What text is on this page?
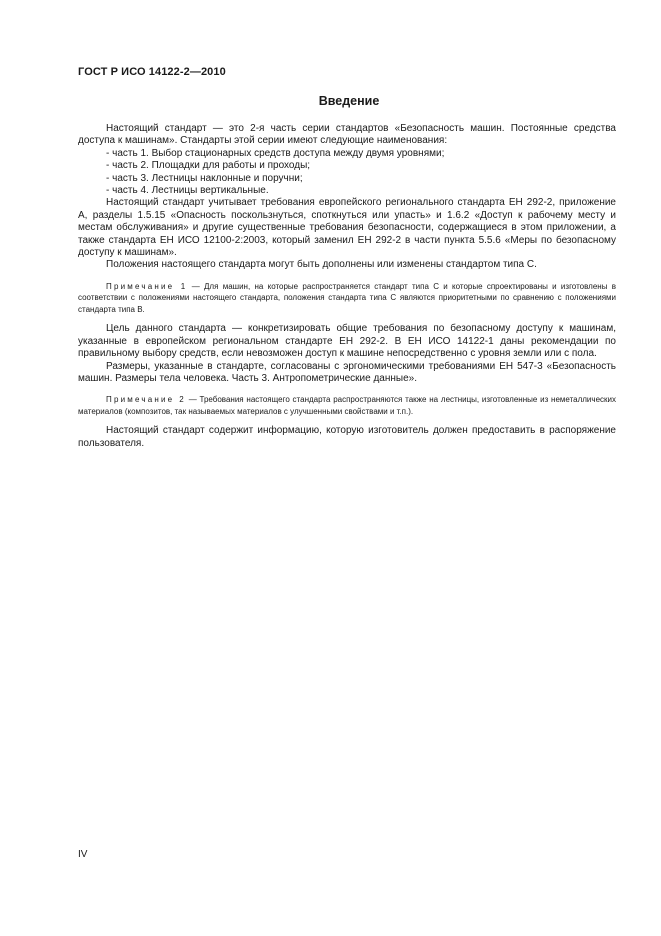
ГОСТ Р ИСО 14122-2—2010
Введение

Настоящий стандарт — это 2-я часть серии стандартов «Безопасность машин. Постоянные средства доступа к машинам». Стандарты этой серии имеют следующие наименования:

- часть 1. Выбор стационарных средств доступа между двумя уровнями;
- часть 2. Площадки для работы и проходы;
- часть 3. Лестницы наклонные и поручни;
- часть 4. Лестницы вертикальные.

Настоящий стандарт учитывает требования европейского регионального стандарта ЕН 292-2, приложение А, разделы 1.5.15 «Опасность поскользнуться, споткнуться или упасть» и 1.6.2 «Доступ к рабочему месту и местам обслуживания» и другие существенные требования безопасности, содержащиеся в этом приложении, а также стандарта ЕН ИСО 12100-2:2003, который заменил ЕН 292-2 в части пункта 5.5.6 «Меры по безопасному доступу к машинам».

Положения настоящего стандарта могут быть дополнены или изменены стандартом типа С.

Примечание 1 — Для машин, на которые распространяется стандарт типа С и которые спроектированы и изготовлены в соответствии с положениями настоящего стандарта, положения стандарта типа С являются приоритетными по сравнению с положениями стандарта типа В.

Цель данного стандарта — конкретизировать общие требования по безопасному доступу к машинам, указанные в европейском региональном стандарте ЕН 292-2. В ЕН ИСО 14122-1 даны рекомендации по правильному выбору средств, если невозможен доступ к машине непосредственно с уровня земли или с пола.

Размеры, указанные в стандарте, согласованы с эргономическими требованиями ЕН 547-3 «Безопасность машин. Размеры тела человека. Часть 3. Антропометрические данные».

Примечание 2 — Требования настоящего стандарта распространяются также на лестницы, изготовленные из неметаллических материалов (композитов, так называемых материалов с улучшенными свойствами и т.п.).

Настоящий стандарт содержит информацию, которую изготовитель должен предоставить в распоряжение пользователя.

IV
